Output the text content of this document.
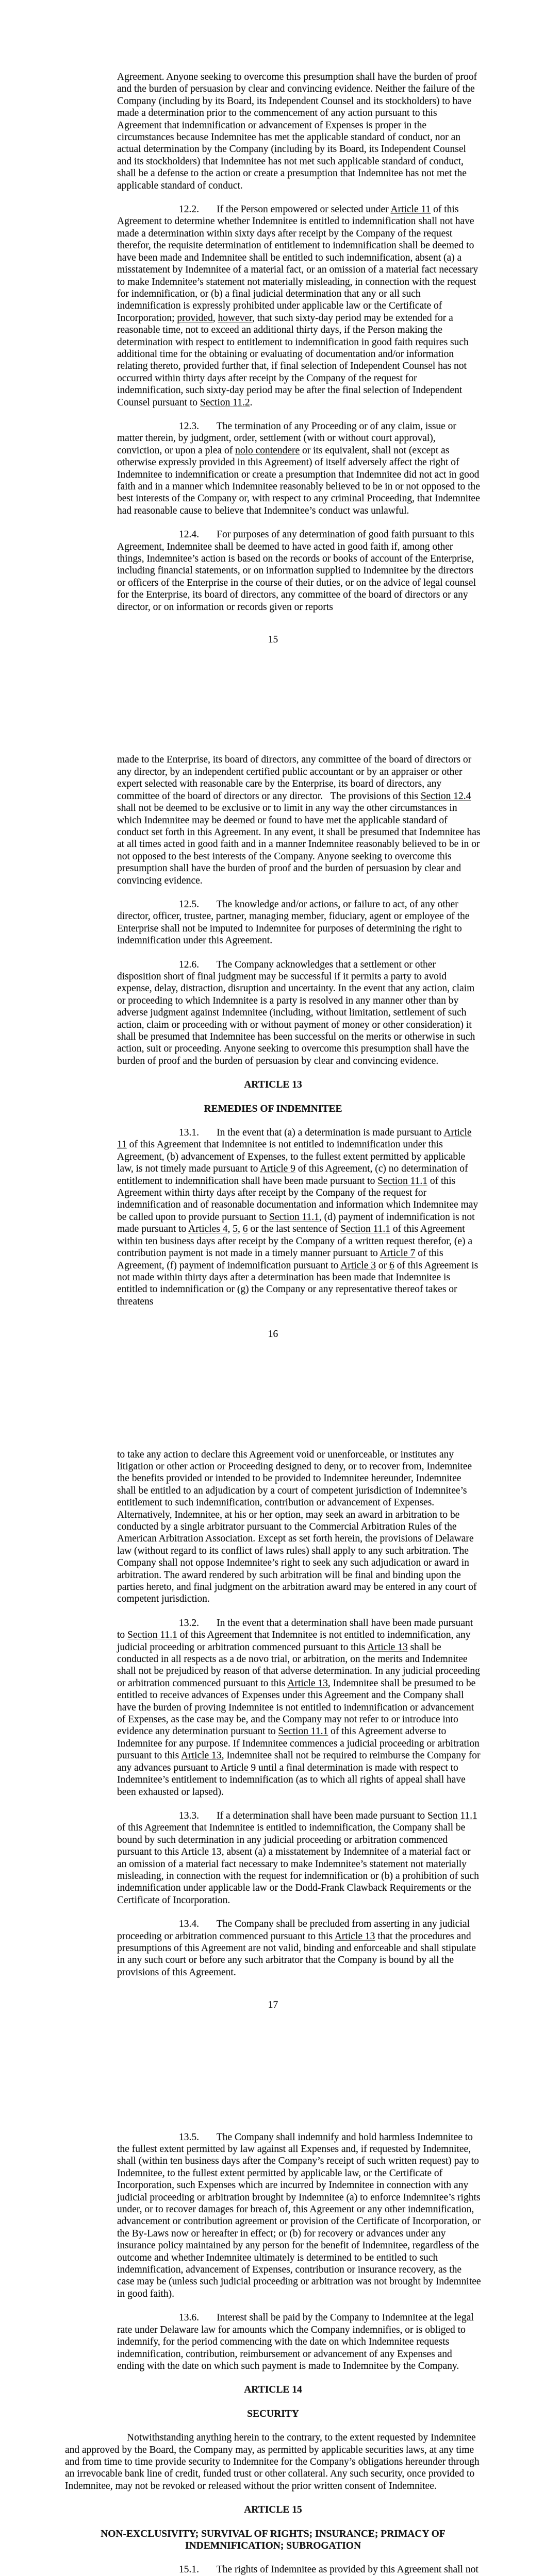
Agreement. Anyone seeking to overcome this presumption shall have the burden of proof and the burden of persuasion by clear and convincing evidence. Neither the failure of the Company (including by its Board, its Independent Counsel and its stockholders) to have made a determination prior to the commencement of any action pursuant to this Agreement that indemnification or advancement of Expenses is proper in the circumstances because Indemnitee has met the applicable standard of conduct, nor an actual determination by the Company (including by its Board, its Independent Counsel and its stockholders) that Indemnitee has not met such applicable standard of conduct, shall be a defense to the action or create a presumption that Indemnitee has not met the applicable standard of conduct.

12.2.       If the Person empowered or selected under Article 11 of this Agreement to determine whether Indemnitee is entitled to indemnification shall not have made a determination within sixty days after receipt by the Company of the request therefor, the requisite determination of entitlement to indemnification shall be deemed to have been made and Indemnitee shall be entitled to such indemnification, absent (a) a misstatement by Indemnitee of a material fact, or an omission of a material fact necessary to make Indemnitee’s statement not materially misleading, in connection with the request for indemnification, or (b) a final judicial determination that any or all such indemnification is expressly prohibited under applicable law or the Certificate of Incorporation; provided, however, that such sixty-day period may be extended for a reasonable time, not to exceed an additional thirty days, if the Person making the determination with respect to entitlement to indemnification in good faith requires such additional time for the obtaining or evaluating of documentation and/or information relating thereto, provided further that, if final selection of Independent Counsel has not occurred within thirty days after receipt by the Company of the request for indemnification, such sixty-day period may be after the final selection of Independent Counsel pursuant to Section 11.2.

12.3.       The termination of any Proceeding or of any claim, issue or matter therein, by judgment, order, settlement (with or without court approval), conviction, or upon a plea of nolo contendere or its equivalent, shall not (except as otherwise expressly provided in this Agreement) of itself adversely affect the right of Indemnitee to indemnification or create a presumption that Indemnitee did not act in good faith and in a manner which Indemnitee reasonably believed to be in or not opposed to the best interests of the Company or, with respect to any criminal Proceeding, that Indemnitee had reasonable cause to believe that Indemnitee’s conduct was unlawful.

12.4.       For purposes of any determination of good faith pursuant to this Agreement, Indemnitee shall be deemed to have acted in good faith if, among other things, Indemnitee’s action is based on the records or books of account of the Enterprise, including financial statements, or on information supplied to Indemnitee by the directors or officers of the Enterprise in the course of their duties, or on the advice of legal counsel for the Enterprise, its board of directors, any committee of the board of directors or any director, or on information or records given or reports

15

made to the Enterprise, its board of directors, any committee of the board of directors or any director, by an independent certified public accountant or by an appraiser or other expert selected with reasonable care by the Enterprise, its board of directors, any committee of the board of directors or any director.   The provisions of this Section 12.4 shall not be deemed to be exclusive or to limit in any way the other circumstances in which Indemnitee may be deemed or found to have met the applicable standard of conduct set forth in this Agreement. In any event, it shall be presumed that Indemnitee has at all times acted in good faith and in a manner Indemnitee reasonably believed to be in or not opposed to the best interests of the Company. Anyone seeking to overcome this presumption shall have the burden of proof and the burden of persuasion by clear and convincing evidence.

12.5.       The knowledge and/or actions, or failure to act, of any other director, officer, trustee, partner, managing member, fiduciary, agent or employee of the Enterprise shall not be imputed to Indemnitee for purposes of determining the right to indemnification under this Agreement.

12.6.       The Company acknowledges that a settlement or other disposition short of final judgment may be successful if it permits a party to avoid expense, delay, distraction, disruption and uncertainty. In the event that any action, claim or proceeding to which Indemnitee is a party is resolved in any manner other than by adverse judgment against Indemnitee (including, without limitation, settlement of such action, claim or proceeding with or without payment of money or other consideration) it shall be presumed that Indemnitee has been successful on the merits or otherwise in such action, suit or proceeding. Anyone seeking to overcome this presumption shall have the burden of proof and the burden of persuasion by clear and convincing evidence.

ARTICLE 13
REMEDIES OF INDEMNITEE

13.1.       In the event that (a) a determination is made pursuant to Article 11 of this Agreement that Indemnitee is not entitled to indemnification under this Agreement, (b) advancement of Expenses, to the fullest extent permitted by applicable law, is not timely made pursuant to Article 9 of this Agreement, (c) no determination of entitlement to indemnification shall have been made pursuant to Section 11.1 of this Agreement within thirty days after receipt by the Company of the request for indemnification and of reasonable documentation and information which Indemnitee may be called upon to provide pursuant to Section 11.1, (d) payment of indemnification is not made pursuant to Articles 4, 5, 6 or the last sentence of Section 11.1 of this Agreement within ten business days after receipt by the Company of a written request therefor, (e) a contribution payment is not made in a timely manner pursuant to Article 7 of this Agreement, (f) payment of indemnification pursuant to Article 3 or 6 of this Agreement is not made within thirty days after a determination has been made that Indemnitee is entitled to indemnification or (g) the Company or any representative thereof takes or threatens

16

to take any action to declare this Agreement void or unenforceable, or institutes any litigation or other action or Proceeding designed to deny, or to recover from, Indemnitee the benefits provided or intended to be provided to Indemnitee hereunder, Indemnitee shall be entitled to an adjudication by a court of competent jurisdiction of Indemnitee’s entitlement to such indemnification, contribution or advancement of Expenses. Alternatively, Indemnitee, at his or her option, may seek an award in arbitration to be conducted by a single arbitrator pursuant to the Commercial Arbitration Rules of the American Arbitration Association. Except as set forth herein, the provisions of Delaware law (without regard to its conflict of laws rules) shall apply to any such arbitration. The Company shall not oppose Indemnitee’s right to seek any such adjudication or award in arbitration. The award rendered by such arbitration will be final and binding upon the parties hereto, and final judgment on the arbitration award may be entered in any court of competent jurisdiction.

13.2.       In the event that a determination shall have been made pursuant to Section 11.1 of this Agreement that Indemnitee is not entitled to indemnification, any judicial proceeding or arbitration commenced pursuant to this Article 13 shall be conducted in all respects as a de novo trial, or arbitration, on the merits and Indemnitee shall not be prejudiced by reason of that adverse determination. In any judicial proceeding or arbitration commenced pursuant to this Article 13, Indemnitee shall be presumed to be entitled to receive advances of Expenses under this Agreement and the Company shall have the burden of proving Indemnitee is not entitled to indemnification or advancement of Expenses, as the case may be, and the Company may not refer to or introduce into evidence any determination pursuant to Section 11.1 of this Agreement adverse to Indemnitee for any purpose. If Indemnitee commences a judicial proceeding or arbitration pursuant to this Article 13, Indemnitee shall not be required to reimburse the Company for any advances pursuant to Article 9 until a final determination is made with respect to Indemnitee’s entitlement to indemnification (as to which all rights of appeal shall have been exhausted or lapsed).

13.3.       If a determination shall have been made pursuant to Section 11.1 of this Agreement that Indemnitee is entitled to indemnification, the Company shall be bound by such determination in any judicial proceeding or arbitration commenced pursuant to this Article 13, absent (a) a misstatement by Indemnitee of a material fact or an omission of a material fact necessary to make Indemnitee’s statement not materially misleading, in connection with the request for indemnification or (b) a prohibition of such indemnification under applicable law or the Dodd-Frank Clawback Requirements or the Certificate of Incorporation.

13.4.       The Company shall be precluded from asserting in any judicial proceeding or arbitration commenced pursuant to this Article 13 that the procedures and presumptions of this Agreement are not valid, binding and enforceable and shall stipulate in any such court or before any such arbitrator that the Company is bound by all the provisions of this Agreement.

17

13.5.       The Company shall indemnify and hold harmless Indemnitee to the fullest extent permitted by law against all Expenses and, if requested by Indemnitee, shall (within ten business days after the Company’s receipt of such written request) pay to Indemnitee, to the fullest extent permitted by applicable law, or the Certificate of Incorporation, such Expenses which are incurred by Indemnitee in connection with any judicial proceeding or arbitration brought by Indemnitee (a) to enforce Indemnitee’s rights under, or to recover damages for breach of, this Agreement or any other indemnification, advancement or contribution agreement or provision of the Certificate of Incorporation, or the By-Laws now or hereafter in effect; or (b) for recovery or advances under any insurance policy maintained by any person for the benefit of Indemnitee, regardless of the outcome and whether Indemnitee ultimately is determined to be entitled to such indemnification, advancement of Expenses, contribution or insurance recovery, as the case may be (unless such judicial proceeding or arbitration was not brought by Indemnitee in good faith).

13.6.       Interest shall be paid by the Company to Indemnitee at the legal rate under Delaware law for amounts which the Company indemnifies, or is obliged to indemnify, for the period commencing with the date on which Indemnitee requests indemnification, contribution, reimbursement or advancement of any Expenses and ending with the date on which such payment is made to Indemnitee by the Company.

ARTICLE 14
SECURITY

Notwithstanding anything herein to the contrary, to the extent requested by Indemnitee and approved by the Board, the Company may, as permitted by applicable securities laws, at any time and from time to time provide security to Indemnitee for the Company’s obligations hereunder through an irrevocable bank line of credit, funded trust or other collateral. Any such security, once provided to Indemnitee, may not be revoked or released without the prior written consent of Indemnitee.

ARTICLE 15
NON-EXCLUSIVITY; SURVIVAL OF RIGHTS; INSURANCE; PRIMACY OF INDEMNIFICATION; SUBROGATION

15.1.       The rights of Indemnitee as provided by this Agreement shall not
